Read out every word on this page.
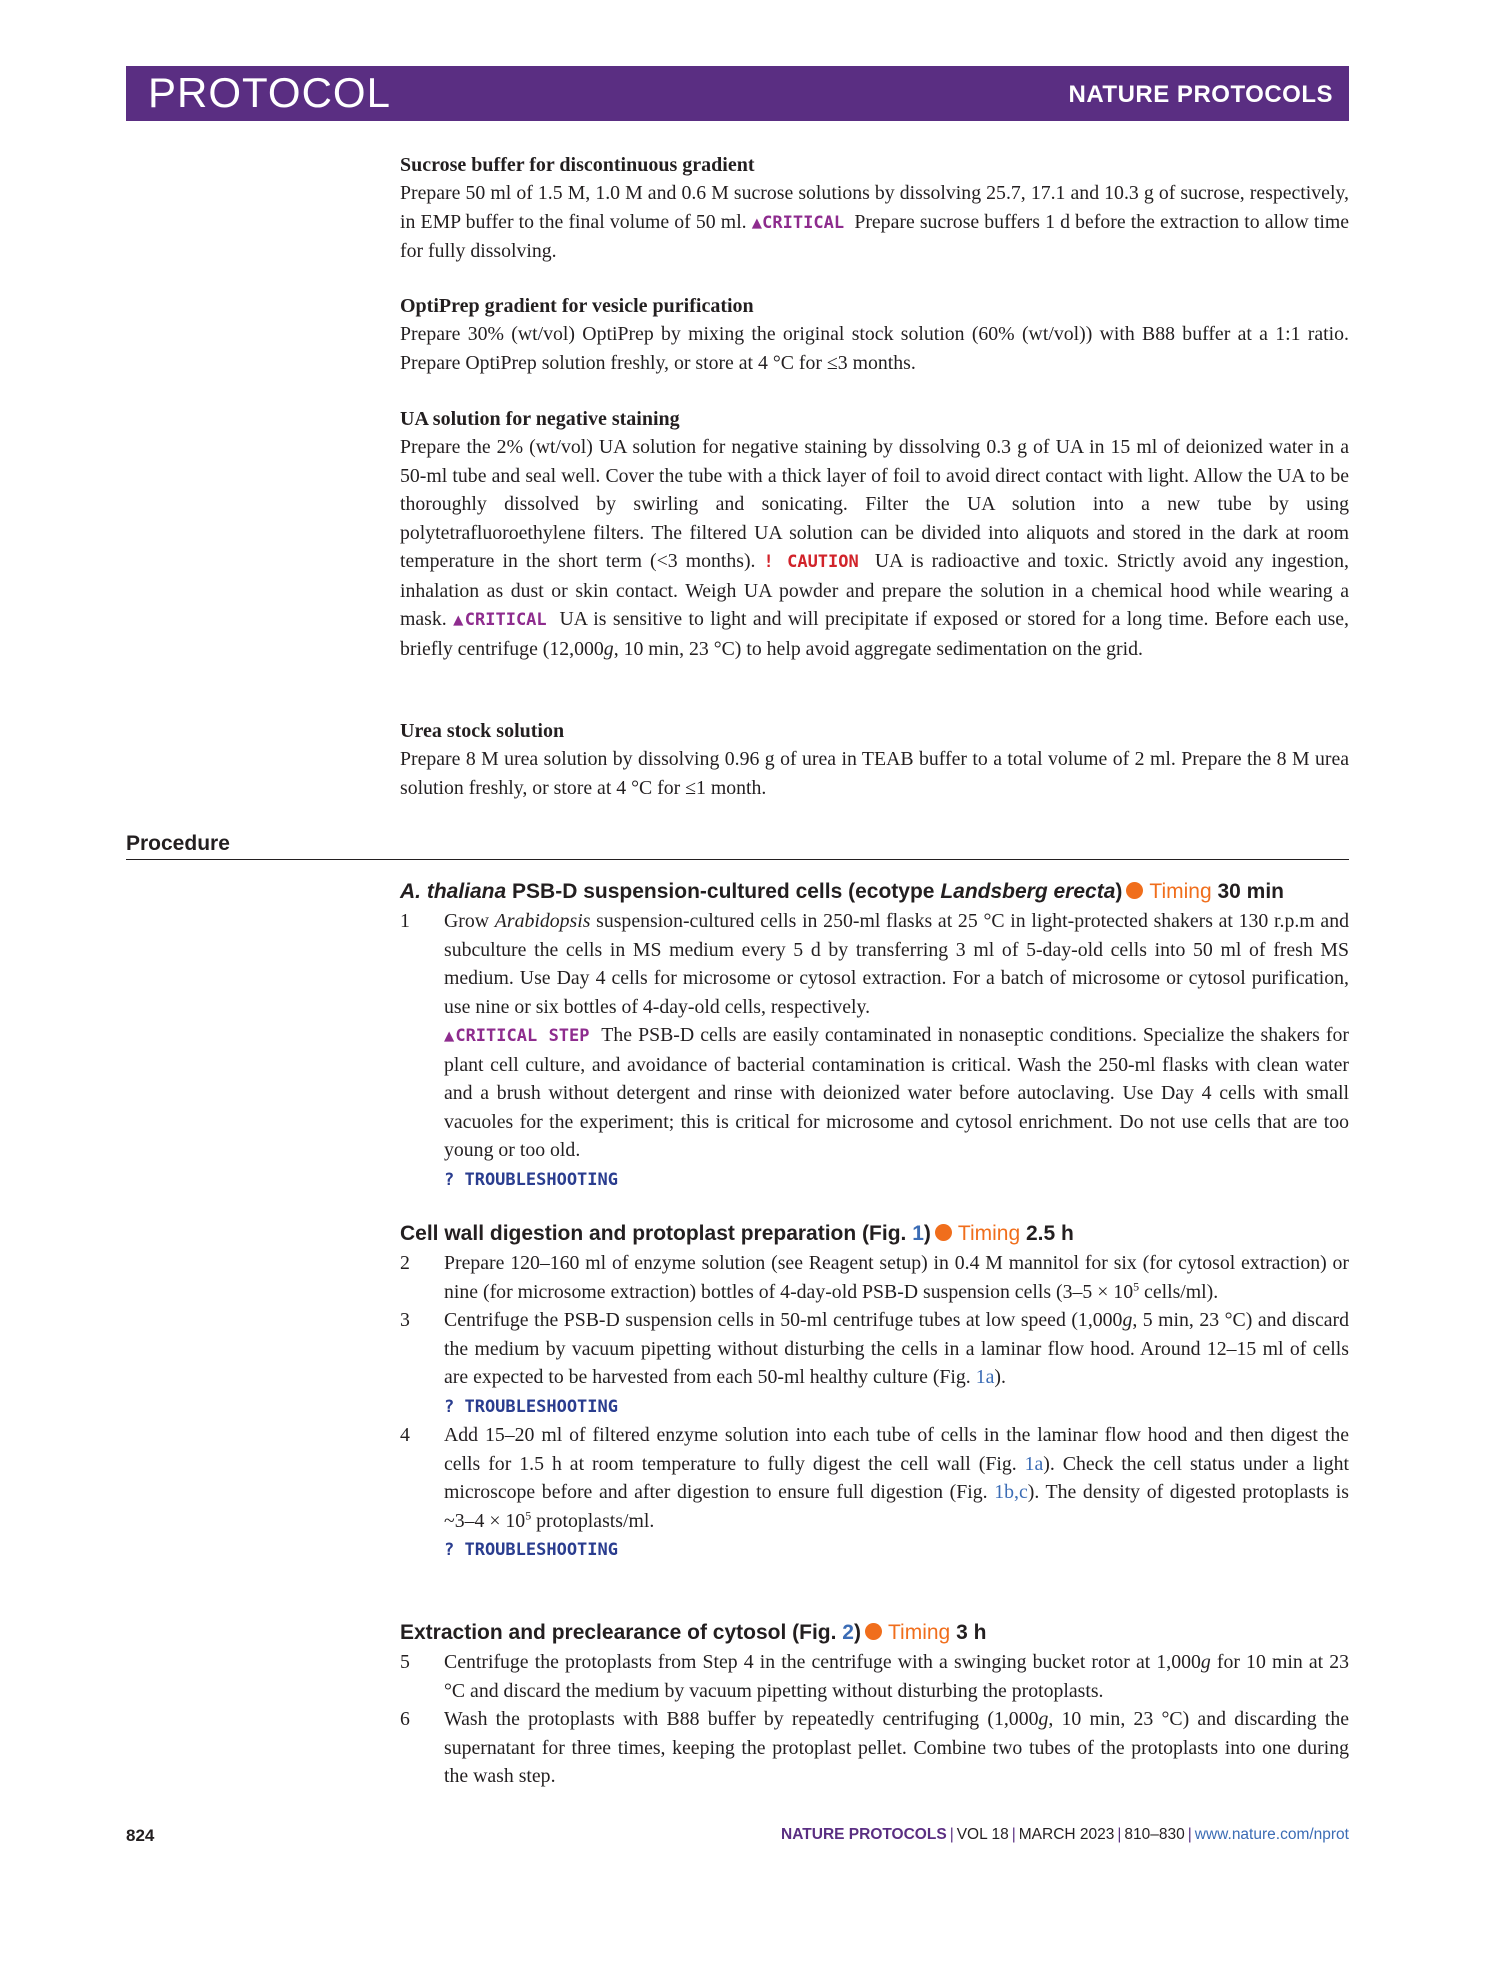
PROTOCOL	NATURE PROTOCOLS
Sucrose buffer for discontinuous gradient

Prepare 50 ml of 1.5 M, 1.0 M and 0.6 M sucrose solutions by dissolving 25.7, 17.1 and 10.3 g of sucrose, respectively, in EMP buffer to the final volume of 50 ml. ▲CRITICAL Prepare sucrose buffers 1 d before the extraction to allow time for fully dissolving.

OptiPrep gradient for vesicle purification

Prepare 30% (wt/vol) OptiPrep by mixing the original stock solution (60% (wt/vol)) with B88 buffer at a 1:1 ratio. Prepare OptiPrep solution freshly, or store at 4 °C for ≤3 months.

UA solution for negative staining

Prepare the 2% (wt/vol) UA solution for negative staining by dissolving 0.3 g of UA in 15 ml of deionized water in a 50-ml tube and seal well. Cover the tube with a thick layer of foil to avoid direct contact with light. Allow the UA to be thoroughly dissolved by swirling and sonicating. Filter the UA solution into a new tube by using polytetrafluoroethylene filters. The filtered UA solution can be divided into aliquots and stored in the dark at room temperature in the short term (<3 months). ! CAUTION UA is radioactive and toxic. Strictly avoid any ingestion, inhalation as dust or skin contact. Weigh UA powder and prepare the solution in a chemical hood while wearing a mask. ▲CRITICAL UA is sensitive to light and will precipitate if exposed or stored for a long time. Before each use, briefly centrifuge (12,000g, 10 min, 23 °C) to help avoid aggregate sedimentation on the grid.

Urea stock solution

Prepare 8 M urea solution by dissolving 0.96 g of urea in TEAB buffer to a total volume of 2 ml. Prepare the 8 M urea solution freshly, or store at 4 °C for ≤1 month.

Procedure
A. thaliana PSB-D suspension-cultured cells (ecotype Landsberg erecta) Timing 30 min
1 Grow Arabidopsis suspension-cultured cells in 250-ml flasks at 25 °C in light-protected shakers at 130 r.p.m and subculture the cells in MS medium every 5 d by transferring 3 ml of 5-day-old cells into 50 ml of fresh MS medium. Use Day 4 cells for microsome or cytosol extraction. For a batch of microsome or cytosol purification, use nine or six bottles of 4-day-old cells, respectively.
▲CRITICAL STEP The PSB-D cells are easily contaminated in nonaseptic conditions. Specialize the shakers for plant cell culture, and avoidance of bacterial contamination is critical. Wash the 250-ml flasks with clean water and a brush without detergent and rinse with deionized water before autoclaving. Use Day 4 cells with small vacuoles for the experiment; this is critical for microsome and cytosol enrichment. Do not use cells that are too young or too old.
? TROUBLESHOOTING

Cell wall digestion and protoplast preparation (Fig. 1) Timing 2.5 h
2 Prepare 120–160 ml of enzyme solution (see Reagent setup) in 0.4 M mannitol for six (for cytosol extraction) or nine (for microsome extraction) bottles of 4-day-old PSB-D suspension cells ($3-5 \times 10^5$ cells/ml).

3 Centrifuge the PSB-D suspension cells in 50-ml centrifuge tubes at low speed (1,000g, 5 min, 23 °C) and discard the medium by vacuum pipetting without disturbing the cells in a laminar flow hood. Around 12–15 ml of cells are expected to be harvested from each 50-ml healthy culture (Fig. 1a).
? TROUBLESHOOTING

4 Add 15–20 ml of filtered enzyme solution into each tube of cells in the laminar flow hood and then digest the cells for 1.5 h at room temperature to fully digest the cell wall (Fig. 1a). Check the cell status under a light microscope before and after digestion to ensure full digestion (Fig. 1b,c). The density of digested protoplasts is ~3–4 × $10^5$ protoplasts/ml.
? TROUBLESHOOTING

Extraction and preclearance of cytosol (Fig. 2) Timing 3 h
5 Centrifuge the protoplasts from Step 4 in the centrifuge with a swinging bucket rotor at 1,000g for 10 min at 23 °C and discard the medium by vacuum pipetting without disturbing the protoplasts.

6 Wash the protoplasts with B88 buffer by repeatedly centrifuging (1,000g, 10 min, 23 °C) and discarding the supernatant for three times, keeping the protoplast pellet. Combine two tubes of the protoplasts into one during the wash step.

824	NATURE PROTOCOLS | VOL 18 | MARCH 2023 | 810–830 | www.nature.com/nprot
